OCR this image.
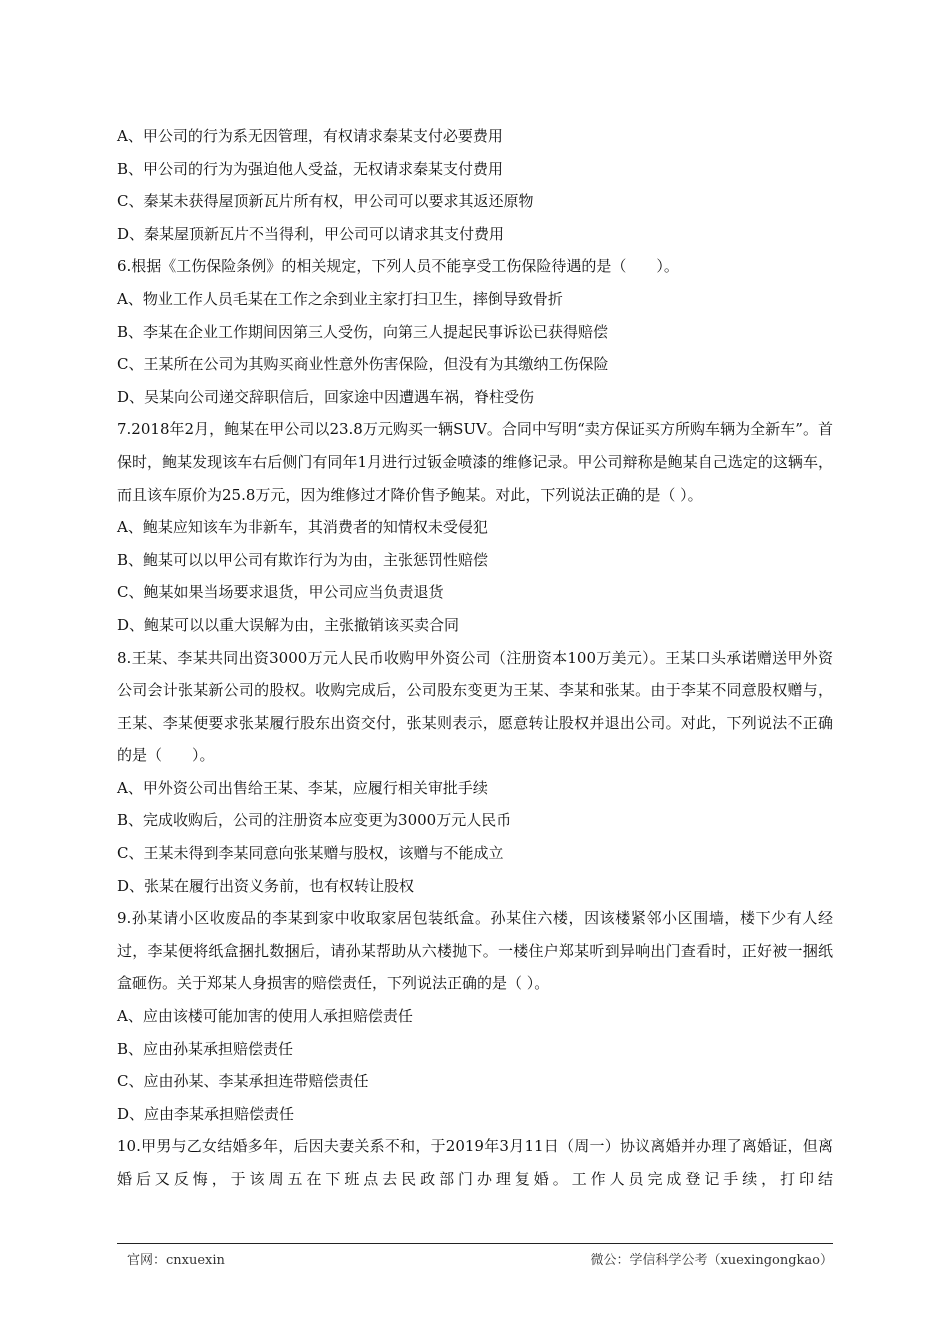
A、甲公司的行为系无因管理，有权请求秦某支付必要费用

B、甲公司的行为为强迫他人受益，无权请求秦某支付费用

C、秦某未获得屋顶新瓦片所有权，甲公司可以要求其返还原物

D、秦某屋顶新瓦片不当得利，甲公司可以请求其支付费用

6.根据《工伤保险条例》的相关规定，下列人员不能享受工伤保险待遇的是（　　）。

A、物业工作人员毛某在工作之余到业主家打扫卫生，摔倒导致骨折

B、李某在企业工作期间因第三人受伤，向第三人提起民事诉讼已获得赔偿

C、王某所在公司为其购买商业性意外伤害保险，但没有为其缴纳工伤保险

D、吴某向公司递交辞职信后，回家途中因遭遇车祸，脊柱受伤

7.2018年2月，鲍某在甲公司以23.8万元购买一辆SUV。合同中写明“卖方保证买方所购车辆为全新车”。首保时，鲍某发现该车右后侧门有同年1月进行过钣金喷漆的维修记录。甲公司辩称是鲍某自己选定的这辆车，而且该车原价为25.8万元，因为维修过才降价售予鲍某。对此，下列说法正确的是（ ）。

A、鲍某应知该车为非新车，其消费者的知情权未受侵犯

B、鲍某可以以甲公司有欺诈行为为由，主张惩罚性赔偿

C、鲍某如果当场要求退货，甲公司应当负责退货

D、鲍某可以以重大误解为由，主张撤销该买卖合同

8.王某、李某共同出资3000万元人民币收购甲外资公司（注册资本100万美元）。王某口头承诺赠送甲外资公司会计张某新公司的股权。收购完成后，公司股东变更为王某、李某和张某。由于李某不同意股权赠与，王某、李某便要求张某履行股东出资交付，张某则表示，愿意转让股权并退出公司。对此，下列说法不正确的是（　　）。

A、甲外资公司出售给王某、李某，应履行相关审批手续

B、完成收购后，公司的注册资本应变更为3000万元人民币

C、王某未得到李某同意向张某赠与股权，该赠与不能成立

D、张某在履行出资义务前，也有权转让股权

9.孙某请小区收废品的李某到家中收取家居包装纸盒。孙某住六楼，因该楼紧邻小区围墙，楼下少有人经过，李某便将纸盒捆扎数捆后，请孙某帮助从六楼抛下。一楼住户郑某听到异响出门查看时，正好被一捆纸盒砸伤。关于郑某人身损害的赔偿责任，下列说法正确的是（ ）。

A、应由该楼可能加害的使用人承担赔偿责任

B、应由孙某承担赔偿责任

C、应由孙某、李某承担连带赔偿责任

D、应由李某承担赔偿责任

10.甲男与乙女结婚多年，后因夫妻关系不和，于2019年3月11日（周一）协议离婚并办理了离婚证，但离婚后又反悔，于该周五在下班点去民政部门办理复婚。工作人员完成登记手续，打印结

官网：cnxuexin	微公：学信科学公考（xuexingongkao）
